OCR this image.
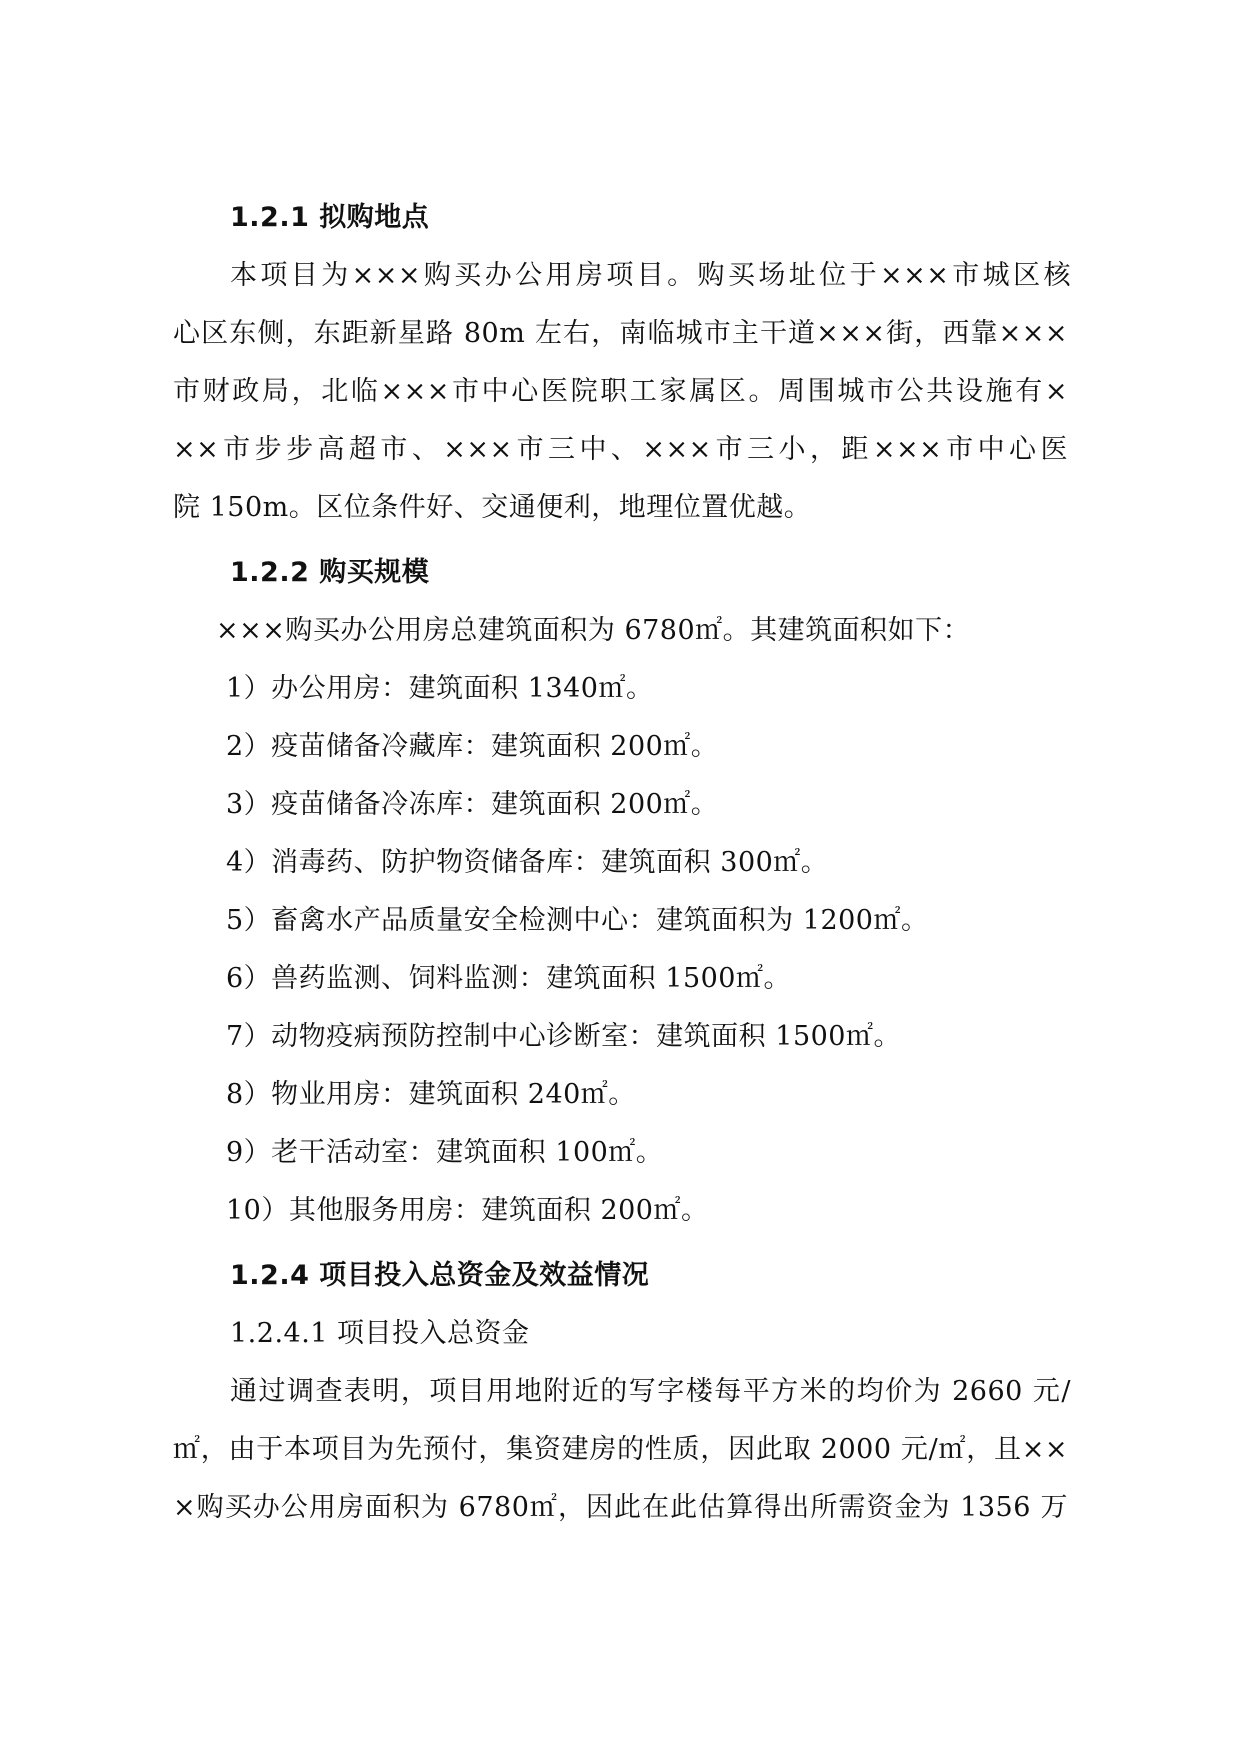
1.2.1 拟购地点
本项目为×××购买办公用房项目。购买场址位于×××市城区核
心区东侧，东距新星路 80m 左右，南临城市主干道×××街，西靠×××
市财政局，北临×××市中心医院职工家属区。周围城市公共设施有×
××市步步高超市、×××市三中、×××市三小，距×××市中心医
院 150m。区位条件好、交通便利，地理位置优越。
1.2.2 购买规模
×××购买办公用房总建筑面积为 6780㎡。其建筑面积如下：
1）办公用房：建筑面积 1340㎡。
2）疫苗储备冷藏库：建筑面积 200㎡。
3）疫苗储备冷冻库：建筑面积 200㎡。
4）消毒药、防护物资储备库：建筑面积 300㎡。
5）畜禽水产品质量安全检测中心：建筑面积为 1200㎡。
6）兽药监测、饲料监测：建筑面积 1500㎡。
7）动物疫病预防控制中心诊断室：建筑面积 1500㎡。
8）物业用房：建筑面积 240㎡。
9）老干活动室：建筑面积 100㎡。
10）其他服务用房：建筑面积 200㎡。
1.2.4 项目投入总资金及效益情况
1.2.4.1 项目投入总资金
通过调查表明，项目用地附近的写字楼每平方米的均价为 2660 元/
㎡，由于本项目为先预付，集资建房的性质，因此取 2000 元/㎡，且××
×购买办公用房面积为 6780㎡，因此在此估算得出所需资金为 1356 万
